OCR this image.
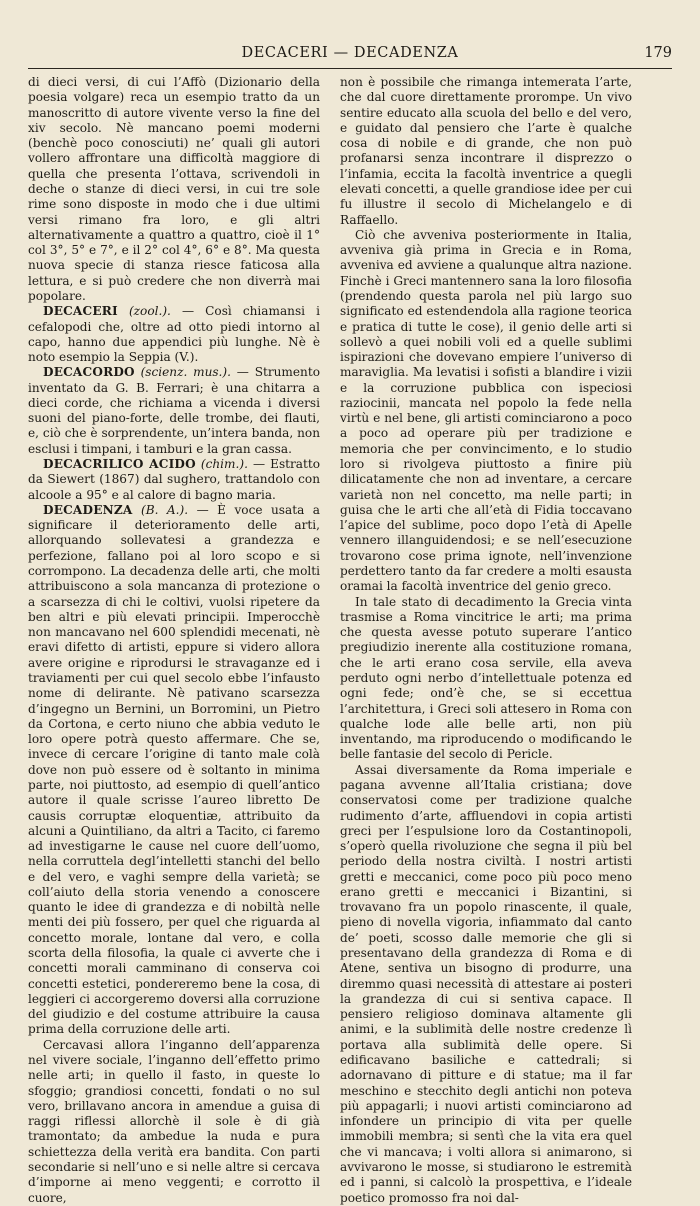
DECACERI — DECADENZA	179

di dieci versi, di cui l’Affò (Dizionario della poesia volgare) reca un esempio tratto da un manoscritto di autore vivente verso la fine del xiv secolo. Nè mancano poemi moderni (benchè poco conosciuti) ne’ quali gli autori vollero affrontare una difficoltà maggiore di quella che presenta l’ottava, scrivendoli in deche o stanze di dieci versi, in cui tre sole rime sono disposte in modo che i due ultimi versi rimano fra loro, e gli altri alternativamente a quattro a quattro, cioè il 1° col 3°, 5° e 7°, e il 2° col 4°, 6° e 8°. Ma questa nuova specie di stanza riesce faticosa alla lettura, e si può credere che non diverrà mai popolare.

DECACERI (zool.). — Così chiamansi i cefalopodi che, oltre ad otto piedi intorno al capo, hanno due appendici più lunghe. Nè è noto esempio la Seppia (V.).

DECACORDO (scienz. mus.). — Strumento inventato da G. B. Ferrari; è una chitarra a dieci corde, che richiama a vicenda i diversi suoni del piano-forte, delle trombe, dei flauti, e, ciò che è sorprendente, un’intera banda, non esclusi i timpani, i tamburi e la gran cassa.

DECACRILICO ACIDO (chim.). — Estratto da Siewert (1867) dal sughero, trattandolo con alcoole a 95° e al calore di bagno maria.

DECADENZA (B. A.). — È voce usata a significare il deterioramento delle arti, allorquando sollevatesi a grandezza e perfezione, fallano poi al loro scopo e si corrompono. La decadenza delle arti, che molti attribuiscono a sola mancanza di protezione o a scarsezza di chi le coltivi, vuolsi ripetere da ben altri e più elevati principii. Imperocchè non mancavano nel 600 splendidi mecenati, nè eravi difetto di artisti, eppure si videro allora avere origine e riprodursi le stravaganze ed i traviamenti per cui quel secolo ebbe l’infausto nome di delirante. Nè pativano scarsezza d’ingegno un Bernini, un Borromini, un Pietro da Cortona, e certo niuno che abbia veduto le loro opere potrà questo affermare. Che se, invece di cercare l’origine di tanto male colà dove non può essere od è soltanto in minima parte, noi piuttosto, ad esempio di quell’antico autore il quale scrisse l’aureo libretto De causis corruptæ eloquentiæ, attribuito da alcuni a Quintiliano, da altri a Tacito, ci faremo ad investigarne le cause nel cuore dell’uomo, nella corruttela degl’intelletti stanchi del bello e del vero, e vaghi sempre della varietà; se coll’aiuto della storia venendo a conoscere quanto le idee di grandezza e di nobiltà nelle menti dei più fossero, per quel che riguarda al concetto morale, lontane dal vero, e colla scorta della filosofia, la quale ci avverte che i concetti morali camminano di conserva coi concetti estetici, pondereremo bene la cosa, di leggieri ci accorgeremo doversi alla corruzione del giudizio e del costume attribuire la causa prima della corruzione delle arti.

Cercavasi allora l’inganno dell’apparenza nel vivere sociale, l’inganno dell’effetto primo nelle arti; in quello il fasto, in queste lo sfoggio; grandiosi concetti, fondati o no sul vero, brillavano ancora in amendue a guisa di raggi riflessi allorchè il sole è di già tramontato; da ambedue la nuda e pura schiettezza della verità era bandita. Con parti secondarie si nell’uno e si nelle altre si cercava d’imporne ai meno veggenti; e corrotto il cuore,

non è possibile che rimanga intemerata l’arte, che dal cuore direttamente prorompe. Un vivo sentire educato alla scuola del bello e del vero, e guidato dal pensiero che l’arte è qualche cosa di nobile e di grande, che non può profanarsi senza incontrare il disprezzo o l’infamia, eccita la facoltà inventrice a quegli elevati concetti, a quelle grandiose idee per cui fu illustre il secolo di Michelangelo e di Raffaello.

Ciò che avveniva posteriormente in Italia, avveniva già prima in Grecia e in Roma, avveniva ed avviene a qualunque altra nazione. Finchè i Greci mantennero sana la loro filosofia (prendendo questa parola nel più largo suo significato ed estendendola alla ragione teorica e pratica di tutte le cose), il genio delle arti si sollevò a quei nobili voli ed a quelle sublimi ispirazioni che dovevano empiere l’universo di maraviglia. Ma levatisi i sofisti a blandire i vizii e la corruzione pubblica con ispeciosi raziocinii, mancata nel popolo la fede nella virtù e nel bene, gli artisti cominciarono a poco a poco ad operare più per tradizione e memoria che per convincimento, e lo studio loro si rivolgeva piuttosto a finire più dilicatamente che non ad inventare, a cercare varietà non nel concetto, ma nelle parti; in guisa che le arti che all’età di Fidia toccavano l’apice del sublime, poco dopo l’età di Apelle vennero illanguidendosi; e se nell’esecuzione trovarono cose prima ignote, nell’invenzione perdettero tanto da far credere a molti esausta oramai la facoltà inventrice del genio greco.

In tale stato di decadimento la Grecia vinta trasmise a Roma vincitrice le arti; ma prima che questa avesse potuto superare l’antico pregiudizio inerente alla costituzione romana, che le arti erano cosa servile, ella aveva perduto ogni nerbo d’intellettuale potenza ed ogni fede; ond’è che, se si eccettua l’architettura, i Greci soli attesero in Roma con qualche lode alle belle arti, non più inventando, ma riproducendo o modificando le belle fantasie del secolo di Pericle.

Assai diversamente da Roma imperiale e pagana avvenne all’Italia cristiana; dove conservatosi come per tradizione qualche rudimento d’arte, affluendovi in copia artisti greci per l’espulsione loro da Costantinopoli, s’operò quella rivoluzione che segna il più bel periodo della nostra civiltà. I nostri artisti gretti e meccanici, come poco più poco meno erano gretti e meccanici i Bizantini, si trovavano fra un popolo rinascente, il quale, pieno di novella vigoria, infiammato dal canto de’ poeti, scosso dalle memorie che gli si presentavano della grandezza di Roma e di Atene, sentiva un bisogno di produrre, una diremmo quasi necessità di attestare ai posteri la grandezza di cui si sentiva capace. Il pensiero religioso dominava altamente gli animi, e la sublimità delle nostre credenze lì portava alla sublimità delle opere. Si edificavano basiliche e cattedrali; si adornavano di pitture e di statue; ma il far meschino e stecchito degli antichi non poteva più appagarli; i nuovi artisti cominciarono ad infondere un principio di vita per quelle immobili membra; si sentì che la vita era quel che vi mancava; i volti allora si animarono, si avvivarono le mosse, si studiarono le estremità ed i panni, si calcolò la prospettiva, e l’ideale poetico promosso fra noi dal-
